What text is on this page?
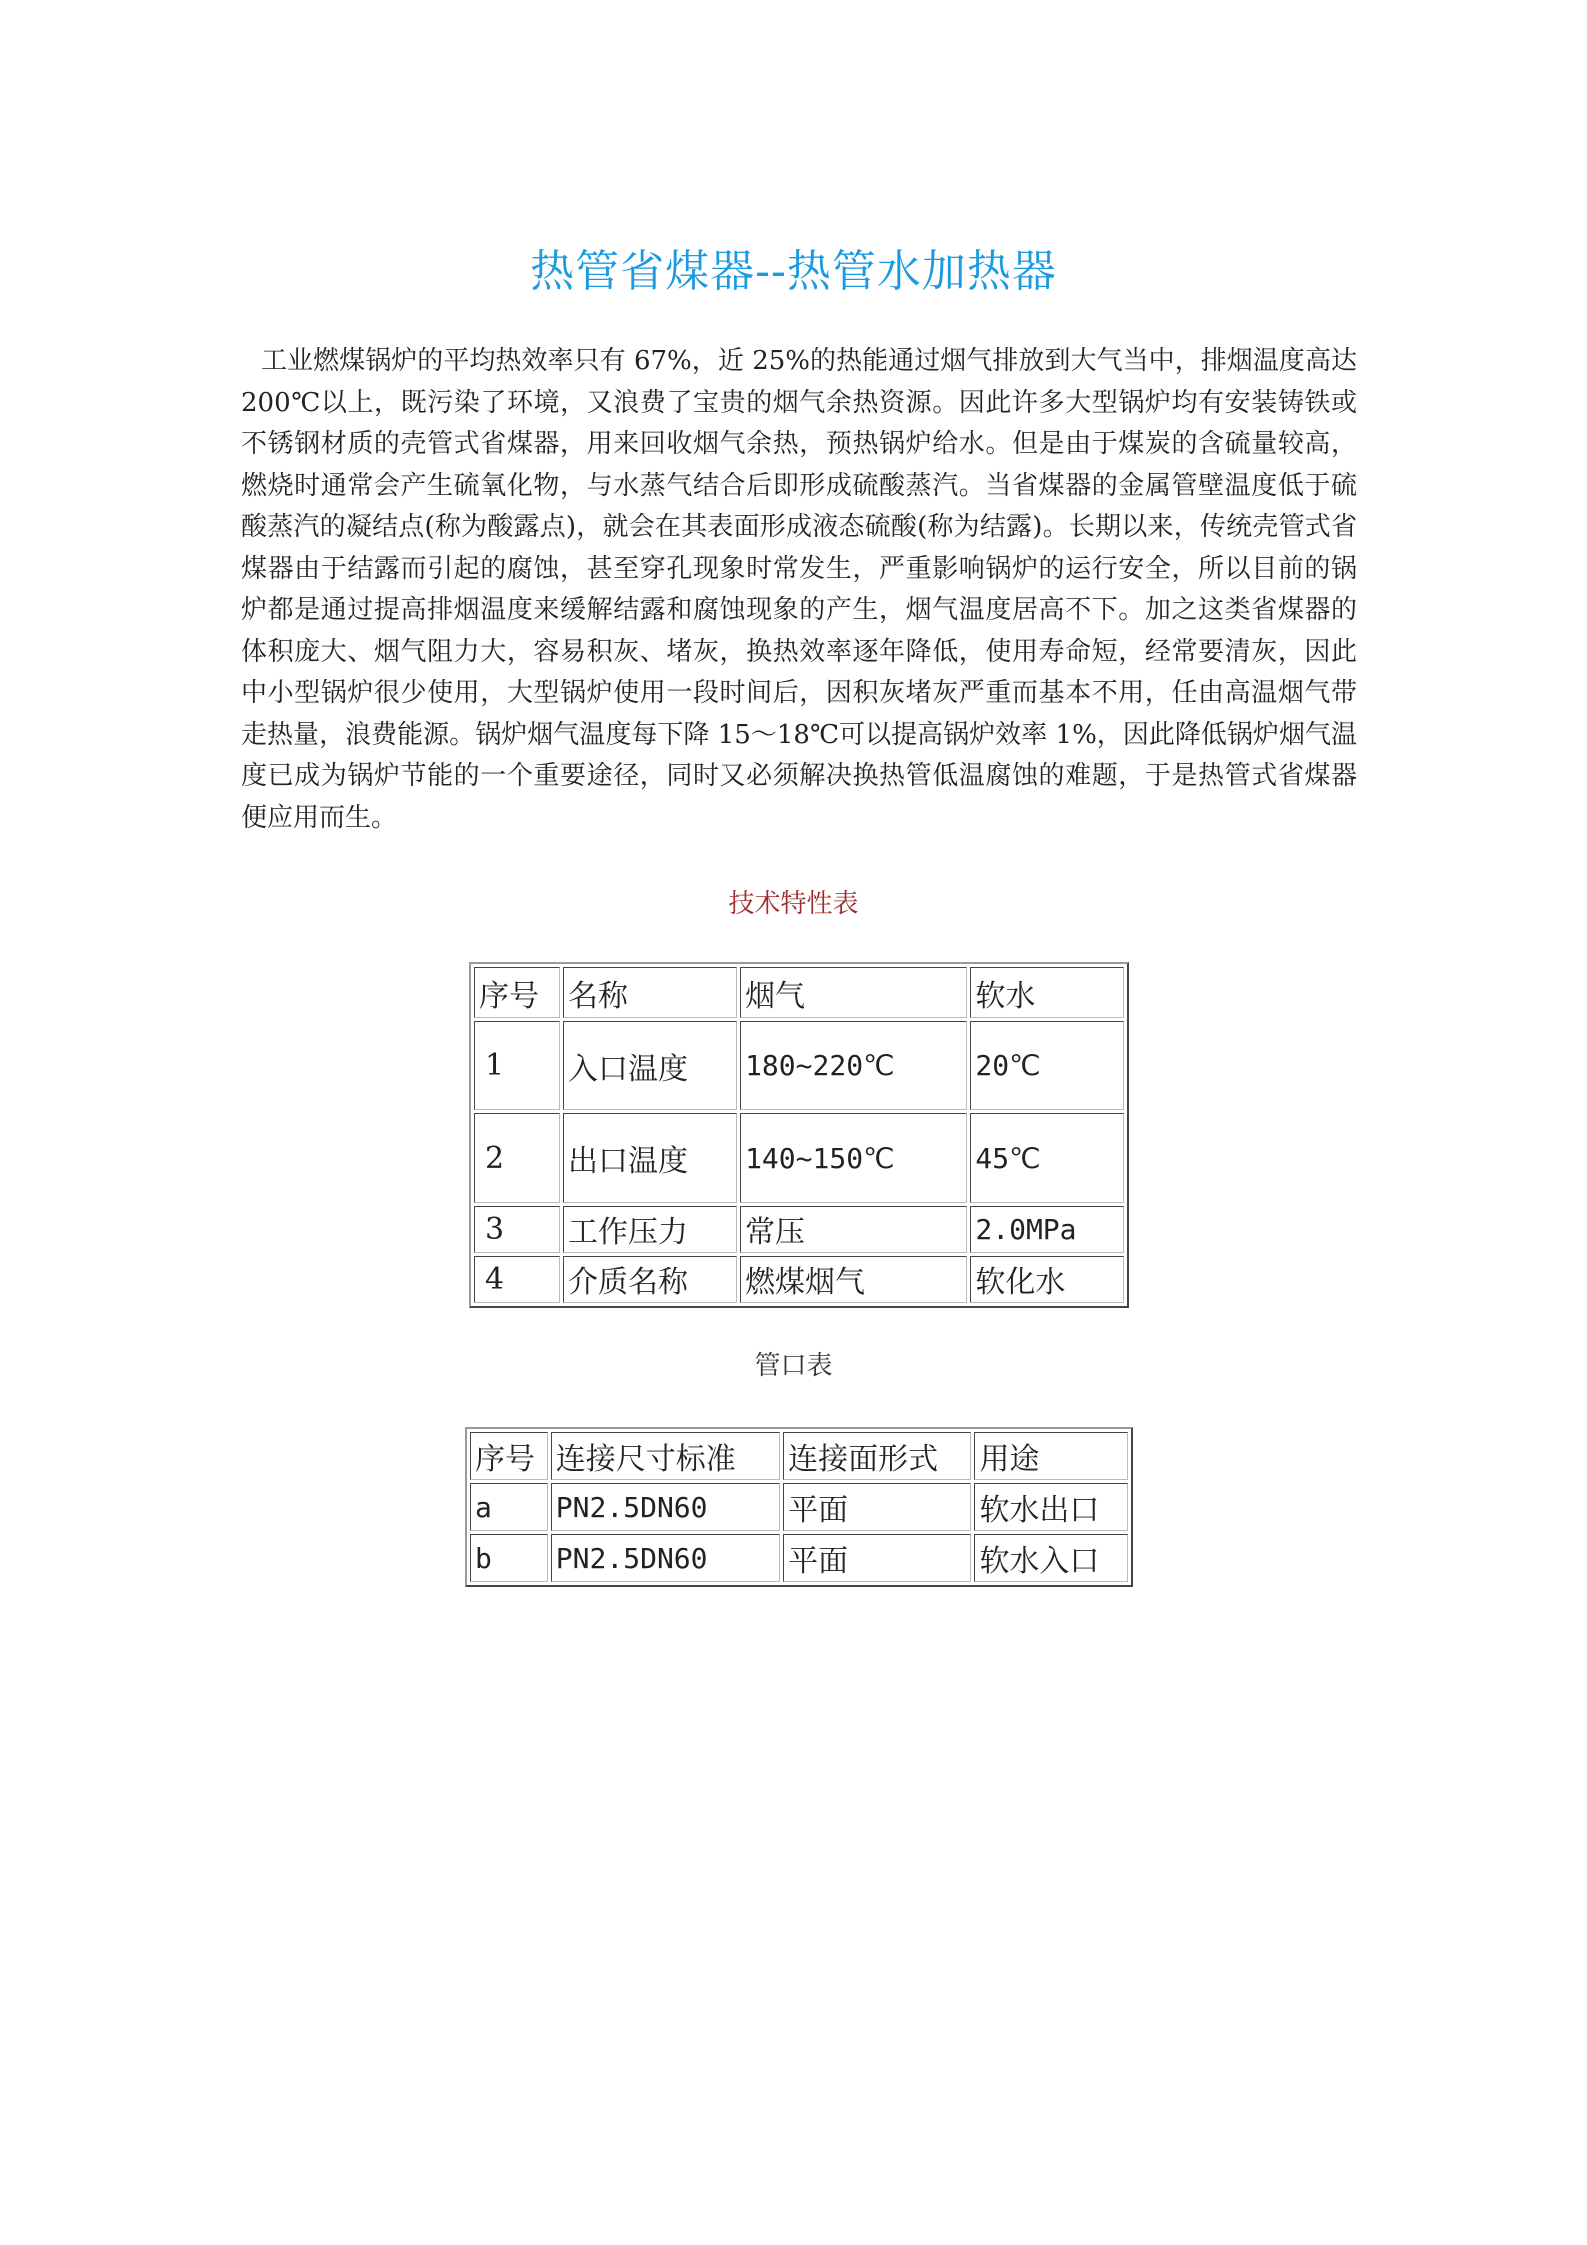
热管省煤器--热管水加热器

工业燃煤锅炉的平均热效率只有 67%，近 25%的热能通过烟气排放到大气当中，排烟温度高达 200℃以上，既污染了环境，又浪费了宝贵的烟气余热资源。因此许多大型锅炉均有安装铸铁或不锈钢材质的壳管式省煤器，用来回收烟气余热，预热锅炉给水。但是由于煤炭的含硫量较高，燃烧时通常会产生硫氧化物，与水蒸气结合后即形成硫酸蒸汽。当省煤器的金属管壁温度低于硫酸蒸汽的凝结点(称为酸露点)，就会在其表面形成液态硫酸(称为结露)。长期以来，传统壳管式省煤器由于结露而引起的腐蚀，甚至穿孔现象时常发生，严重影响锅炉的运行安全，所以目前的锅炉都是通过提高排烟温度来缓解结露和腐蚀现象的产生，烟气温度居高不下。加之这类省煤器的体积庞大、烟气阻力大，容易积灰、堵灰，换热效率逐年降低，使用寿命短，经常要清灰，因此中小型锅炉很少使用，大型锅炉使用一段时间后，因积灰堵灰严重而基本不用，任由高温烟气带走热量，浪费能源。锅炉烟气温度每下降 15～18℃可以提高锅炉效率 1%，因此降低锅炉烟气温度已成为锅炉节能的一个重要途径，同时又必须解决换热管低温腐蚀的难题，于是热管式省煤器便应用而生。

技术特性表
序号	名称	烟气	软水
1	入口温度	180~220℃	20℃
2	出口温度	140~150℃	45℃
3	工作压力	常压	2.0MPa
4	介质名称	燃煤烟气	软化水
管口表
序号	连接尺寸标准	连接面形式	用途
a	PN2.5DN60	平面	软水出口
b	PN2.5DN60	平面	软水入口
